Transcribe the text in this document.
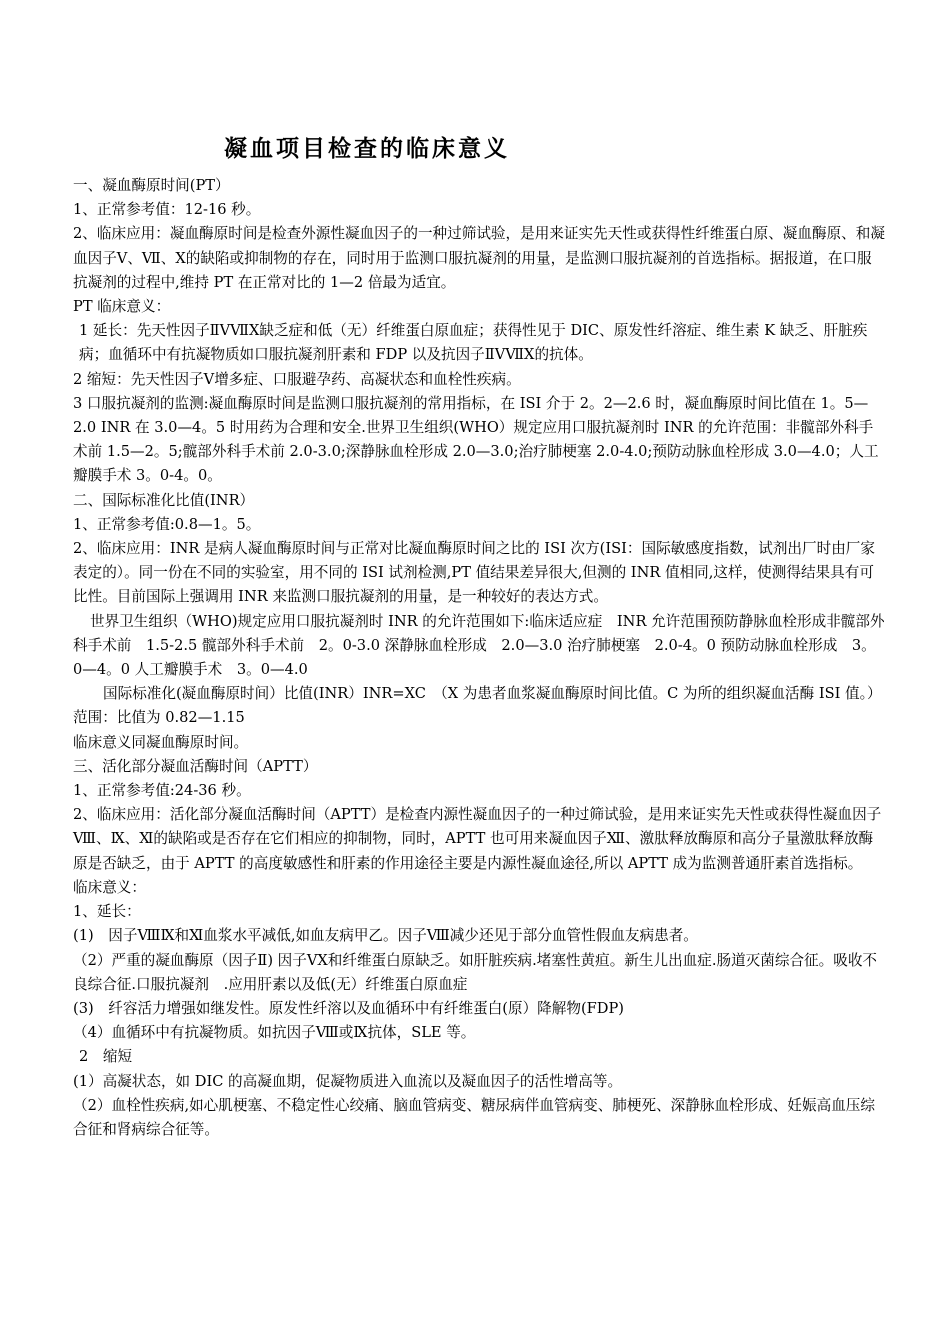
凝血项目检查的临床意义

一、凝血酶原时间(PT）

1、正常参考值：12-16 秒。

2、临床应用：凝血酶原时间是检查外源性凝血因子的一种过筛试验，是用来证实先天性或获得性纤维蛋白原、凝血酶原、和凝血因子Ⅴ、Ⅶ、Ⅹ的缺陷或抑制物的存在，同时用于监测口服抗凝剂的用量，是监测口服抗凝剂的首选指标。据报道，在口服抗凝剂的过程中,维持 PT 在正常对比的 1—2 倍最为适宜。

PT 临床意义：

1 延长：先天性因子ⅡⅤⅦⅩ缺乏症和低（无）纤维蛋白原血症；获得性见于 DIC、原发性纤溶症、维生素 K 缺乏、肝脏疾病；血循环中有抗凝物质如口服抗凝剂肝素和 FDP 以及抗因子ⅡⅤⅦⅩ的抗体。

2 缩短：先天性因子Ⅴ增多症、口服避孕药、高凝状态和血栓性疾病。

3 口服抗凝剂的监测:凝血酶原时间是监测口服抗凝剂的常用指标，在 ISI 介于 2。2—2.6 时，凝血酶原时间比值在 1。5—2.0 INR 在 3.0—4。5 时用药为合理和安全.世界卫生组织(WHO）规定应用口服抗凝剂时 INR 的允许范围：非髋部外科手术前 1.5—2。5;髋部外科手术前 2.0-3.0;深静脉血栓形成 2.0—3.0;治疗肺梗塞 2.0-4.0;预防动脉血栓形成 3.0—4.0；人工瓣膜手术 3。0-4。0。

二、国际标准化比值(INR）

1、正常参考值:0.8—1。5。

2、临床应用：INR 是病人凝血酶原时间与正常对比凝血酶原时间之比的 ISI 次方(ISI：国际敏感度指数，试剂出厂时由厂家表定的）。同一份在不同的实验室，用不同的 ISI 试剂检测,PT 值结果差异很大,但测的 INR 值相同,这样，使测得结果具有可比性。目前国际上强调用 INR 来监测口服抗凝剂的用量，是一种较好的表达方式。

世界卫生组织（WHO)规定应用口服抗凝剂时 INR 的允许范围如下:临床适应症　INR 允许范围预防静脉血栓形成非髋部外科手术前　1.5-2.5 髋部外科手术前　2。0-3.0 深静脉血栓形成　2.0—3.0 治疗肺梗塞　2.0-4。0 预防动脉血栓形成　3。0—4。0 人工瓣膜手术　3。0—4.0

国际标准化(凝血酶原时间）比值(INR）INR=XC　（X 为患者血浆凝血酶原时间比值。C 为所的组织凝血活酶 ISI 值。）

范围：比值为 0.82—1.15

临床意义同凝血酶原时间。

三、活化部分凝血活酶时间（APTT）

1、正常参考值:24-36 秒。

2、临床应用：活化部分凝血活酶时间（APTT）是检查内源性凝血因子的一种过筛试验，是用来证实先天性或获得性凝血因子Ⅷ、Ⅸ、Ⅺ的缺陷或是否存在它们相应的抑制物，同时，APTT 也可用来凝血因子Ⅻ、激肽释放酶原和高分子量激肽释放酶原是否缺乏，由于 APTT 的高度敏感性和肝素的作用途径主要是内源性凝血途径,所以 APTT 成为监测普通肝素首选指标。

临床意义：

1、延长：

(1)　因子ⅧⅨ和Ⅺ血浆水平减低,如血友病甲乙。因子Ⅷ减少还见于部分血管性假血友病患者。

（2）严重的凝血酶原（因子Ⅱ) 因子ⅤⅩ和纤维蛋白原缺乏。如肝脏疾病.堵塞性黄疸。新生儿出血症.肠道灭菌综合征。吸收不良综合征.口服抗凝剂　.应用肝素以及低(无）纤维蛋白原血症

(3)　纤容活力增强如继发性。原发性纤溶以及血循环中有纤维蛋白(原）降解物(FDP)

（4）血循环中有抗凝物质。如抗因子Ⅷ或Ⅸ抗体，SLE 等。

2　缩短

(1）高凝状态，如 DIC 的高凝血期，促凝物质进入血流以及凝血因子的活性增高等。

（2）血栓性疾病,如心肌梗塞、不稳定性心绞痛、脑血管病变、糖尿病伴血管病变、肺梗死、深静脉血栓形成、妊娠高血压综合征和肾病综合征等。
